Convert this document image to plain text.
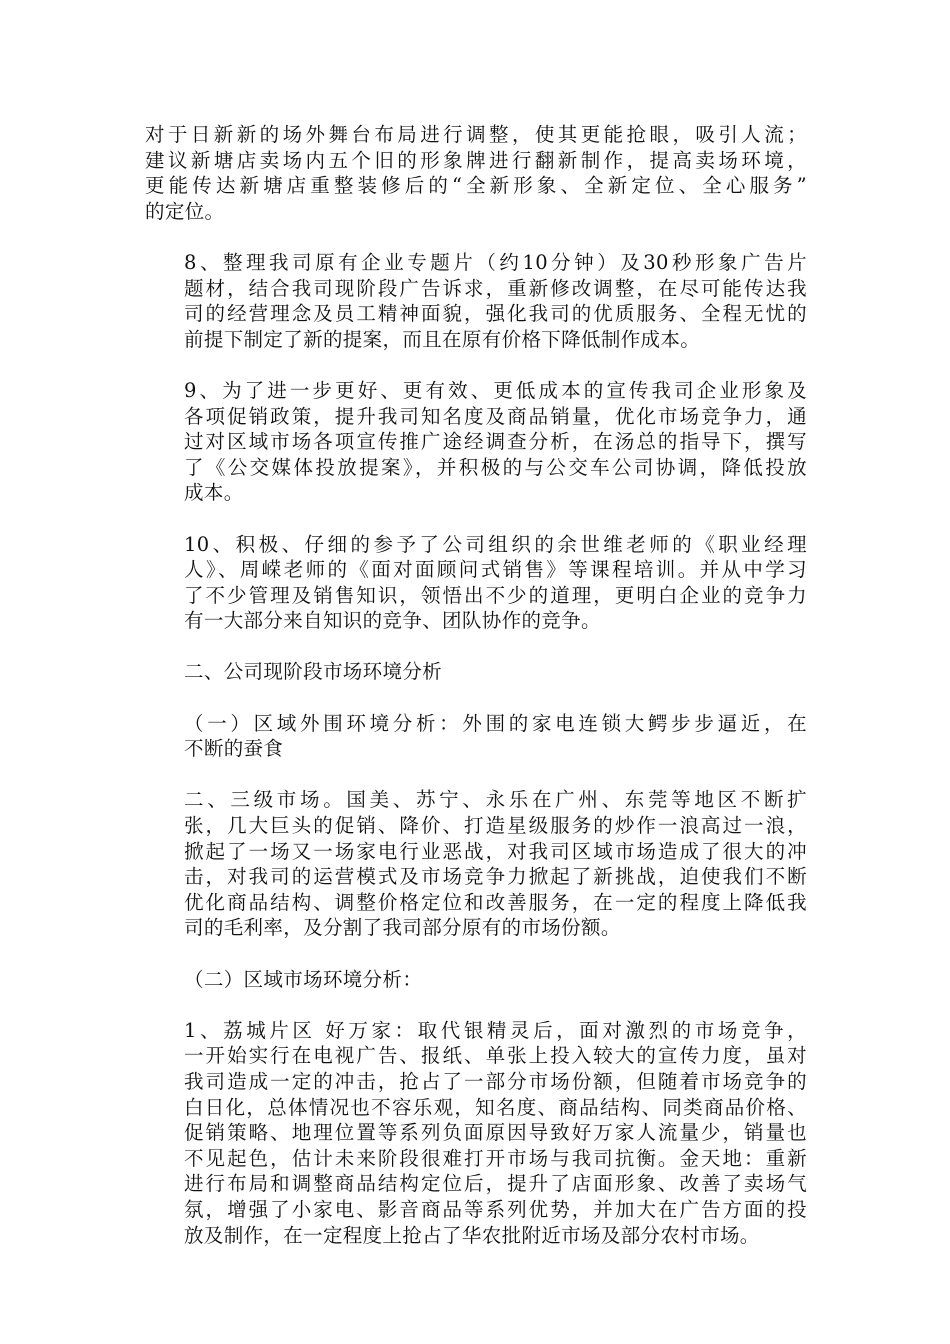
对于日新新的场外舞台布局进行调整，使其更能抢眼，吸引人流；
建议新塘店卖场内五个旧的形象牌进行翻新制作，提高卖场环境，
更能传达新塘店重整装修后的“全新形象、全新定位、全心服务”
的定位。
8、整理我司原有企业专题片（约10分钟）及30秒形象广告片
题材，结合我司现阶段广告诉求，重新修改调整，在尽可能传达我
司的经营理念及员工精神面貌，强化我司的优质服务、全程无忧的
前提下制定了新的提案，而且在原有价格下降低制作成本。
9、为了进一步更好、更有效、更低成本的宣传我司企业形象及
各项促销政策，提升我司知名度及商品销量，优化市场竞争力，通
过对区域市场各项宣传推广途经调查分析，在汤总的指导下，撰写
了《公交媒体投放提案》，并积极的与公交车公司协调，降低投放
成本。
10、积极、仔细的参予了公司组织的余世维老师的《职业经理
人》、周嵘老师的《面对面顾问式销售》等课程培训。并从中学习
了不少管理及销售知识，领悟出不少的道理，更明白企业的竞争力
有一大部分来自知识的竞争、团队协作的竞争。
二、公司现阶段市场环境分析
（一）区域外围环境分析：外围的家电连锁大鳄步步逼近，在
不断的蚕食
二、三级市场。国美、苏宁、永乐在广州、东莞等地区不断扩
张，几大巨头的促销、降价、打造星级服务的炒作一浪高过一浪，
掀起了一场又一场家电行业恶战，对我司区域市场造成了很大的冲
击，对我司的运营模式及市场竞争力掀起了新挑战，迫使我们不断
优化商品结构、调整价格定位和改善服务，在一定的程度上降低我
司的毛利率，及分割了我司部分原有的市场份额。
（二）区域市场环境分析：
1、荔城片区 好万家：取代银精灵后，面对激烈的市场竞争，
一开始实行在电视广告、报纸、单张上投入较大的宣传力度，虽对
我司造成一定的冲击，抢占了一部分市场份额，但随着市场竞争的
白日化，总体情况也不容乐观，知名度、商品结构、同类商品价格、
促销策略、地理位置等系列负面原因导致好万家人流量少，销量也
不见起色，估计未来阶段很难打开市场与我司抗衡。金天地：重新
进行布局和调整商品结构定位后，提升了店面形象、改善了卖场气
氛，增强了小家电、影音商品等系列优势，并加大在广告方面的投
放及制作，在一定程度上抢占了华农批附近市场及部分农村市场。
